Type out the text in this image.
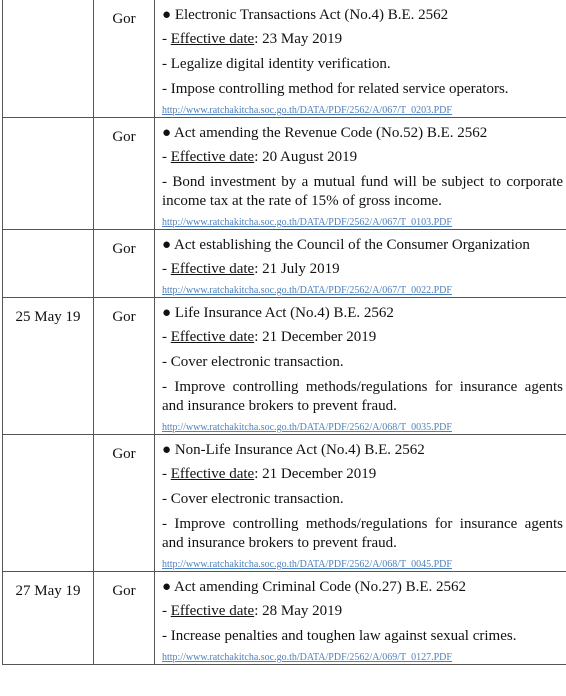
	Gor	● Electronic Transactions Act (No.4) B.E. 2562
- Effective date: 23 May 2019
- Legalize digital identity verification.
- Impose controlling method for related service operators.
http://www.ratchakitcha.soc.go.th/DATA/PDF/2562/A/067/T_0203.PDF

	Gor	● Act amending the Revenue Code (No.52) B.E. 2562
- Effective date: 20 August 2019
- Bond investment by a mutual fund will be subject to corporate income tax at the rate of 15% of gross income.
http://www.ratchakitcha.soc.go.th/DATA/PDF/2562/A/067/T_0103.PDF

	Gor	● Act establishing the Council of the Consumer Organization
- Effective date: 21 July 2019
http://www.ratchakitcha.soc.go.th/DATA/PDF/2562/A/067/T_0022.PDF

25 May 19	Gor	● Life Insurance Act (No.4) B.E. 2562
- Effective date: 21 December 2019
- Cover electronic transaction.
- Improve controlling methods/regulations for insurance agents and insurance brokers to prevent fraud.
http://www.ratchakitcha.soc.go.th/DATA/PDF/2562/A/068/T_0035.PDF

	Gor	● Non-Life Insurance Act (No.4) B.E. 2562
- Effective date: 21 December 2019
- Cover electronic transaction.
- Improve controlling methods/regulations for insurance agents and insurance brokers to prevent fraud.
http://www.ratchakitcha.soc.go.th/DATA/PDF/2562/A/068/T_0045.PDF

27 May 19	Gor	● Act amending Criminal Code (No.27) B.E. 2562
- Effective date: 28 May 2019
- Increase penalties and toughen law against sexual crimes.
http://www.ratchakitcha.soc.go.th/DATA/PDF/2562/A/069/T_0127.PDF
